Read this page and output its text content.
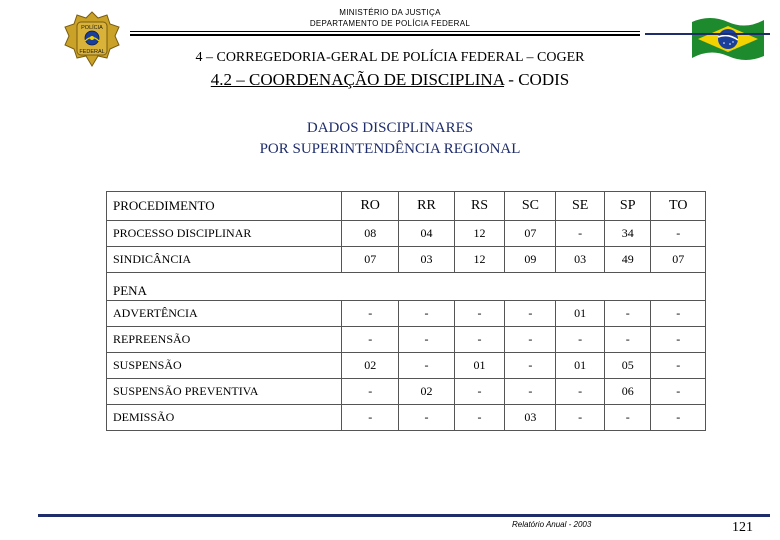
MINISTÉRIO DA JUSTIÇA
DEPARTAMENTO DE POLÍCIA FEDERAL
POLÍCIA
FEDERAL	4 – CORREGEDORIA-GERAL DE POLÍCIA FEDERAL – COGER
4.2 – COORDENAÇÃO DE DISCIPLINA - CODIS
DADOS DISCIPLINARES
POR SUPERINTENDÊNCIA REGIONAL
PROCEDIMENTO	RO	RR	RS	SC	SE	SP	TO
PROCESSO DISCIPLINAR	08	04	12	07	-	34	-
SINDICÂNCIA	07	03	12	09	03	49	07
PENA							
ADVERTÊNCIA	-	-	-	-	01	-	-
REPREENSÃO	-	-	-	-	-	-	-
SUSPENSÃO	02	-	01	-	01	05	-
SUSPENSÃO PREVENTIVA	-	02	-	-	-	06	-
DEMISSÃO	-	-	-	03	-	-	-
Relatório Anual - 2003	121
